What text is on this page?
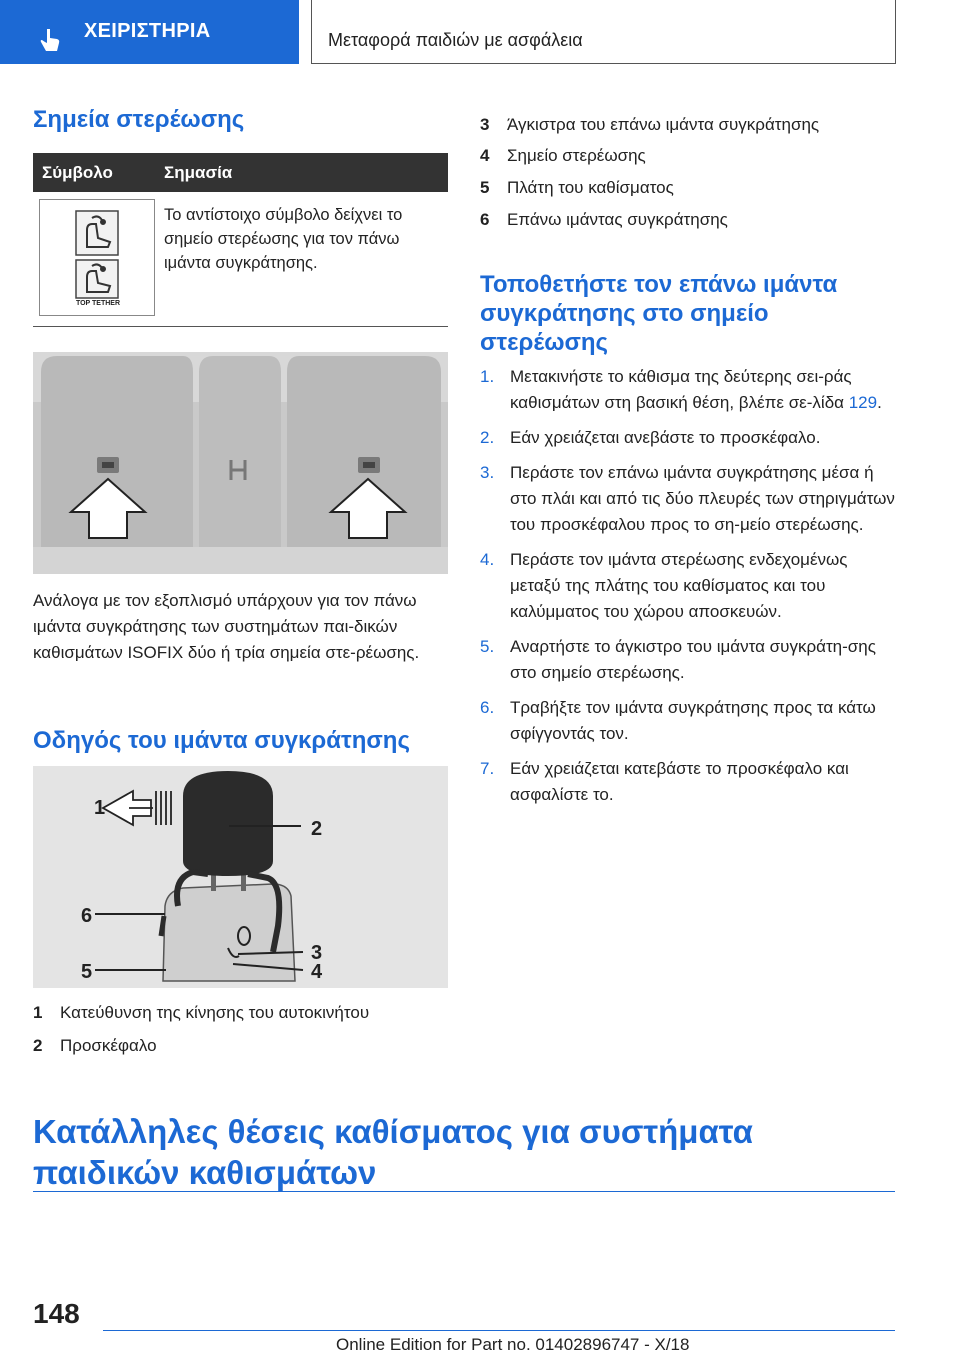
ΧΕΙΡΙΣΤΗΡΙΑ	Μεταφορά παιδιών με ασφάλεια
Σημεία στερέωσης
Σύμβολο	Σημασία
TOP TETHER
Το αντίστοιχο σύμβολο δείχνει το σημείο στερέωσης για τον πάνω ιμάντα συγκράτησης.
Ανάλογα με τον εξοπλισμό υπάρχουν για τον πάνω ιμάντα συγκράτησης των συστημάτων παι-δικών καθισμάτων ISOFIX δύο ή τρία σημεία στε-ρέωσης.
Οδηγός του ιμάντα συγκράτησης
1
2
3
4
5
6
1 Κατεύθυνση της κίνησης του αυτοκινήτου
2 Προσκέφαλο
3 Άγκιστρα του επάνω ιμάντα συγκράτησης
4 Σημείο στερέωσης
5 Πλάτη του καθίσματος
6 Επάνω ιμάντας συγκράτησης
Τοποθετήστε τον επάνω ιμάντα συγκράτησης στο σημείο στερέωσης
1. Μετακινήστε το κάθισμα της δεύτερης σει-ράς καθισμάτων στη βασική θέση, βλέπε σε-λίδα 129.
2. Εάν χρειάζεται ανεβάστε το προσκέφαλο.
3. Περάστε τον επάνω ιμάντα συγκράτησης μέσα ή στο πλάι και από τις δύο πλευρές των στηριγμάτων του προσκέφαλου προς το ση-μείο στερέωσης.
4. Περάστε τον ιμάντα στερέωσης ενδεχομένως μεταξύ της πλάτης του καθίσματος και του καλύμματος του χώρου αποσκευών.
5. Αναρτήστε το άγκιστρο του ιμάντα συγκράτη-σης στο σημείο στερέωσης.
6. Τραβήξτε τον ιμάντα συγκράτησης προς τα κάτω σφίγγοντάς τον.
7. Εάν χρειάζεται κατεβάστε το προσκέφαλο και ασφαλίστε το.
Κατάλληλες θέσεις καθίσματος για συστήματα παιδικών καθισμάτων
148
Online Edition for Part no. 01402896747 - X/18
